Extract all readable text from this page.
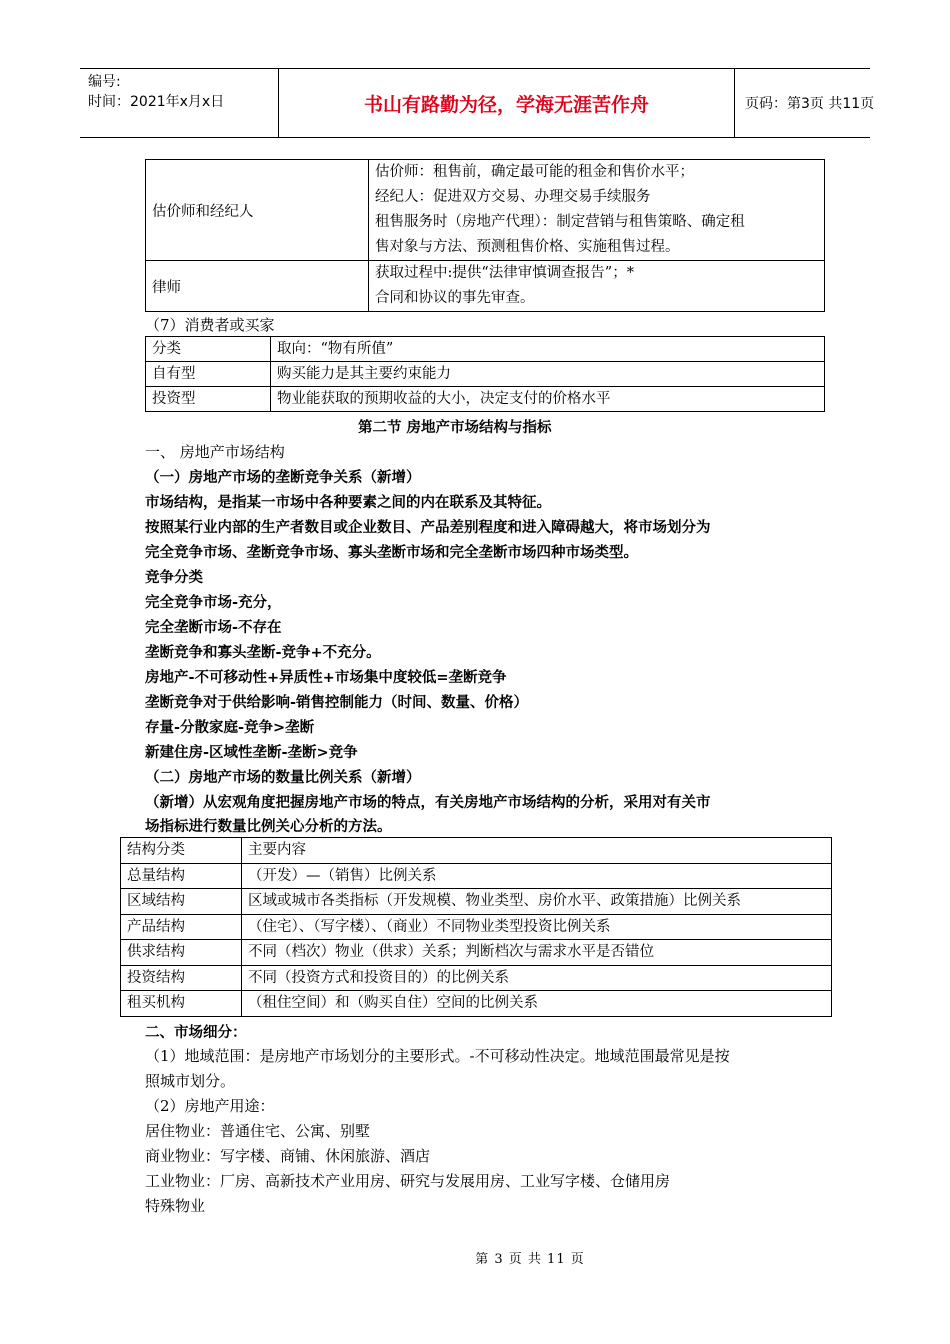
编号:
时间：2021年x月x日	书山有路勤为径，学海无涯苦作舟	页码：第3页 共11页
估价师和经纪人	估价师：租售前，确定最可能的租金和售价水平；
经纪人：促进双方交易、办理交易手续服务
租售服务时（房地产代理）：制定营销与租售策略、确定租
售对象与方法、预测租售价格、实施租售过程。

律师	获取过程中:提供“法律审慎调查报告”；*
合同和协议的事先审查。
（7）消费者或买家
分类	取向：“物有所值”
自有型	购买能力是其主要约束能力
投资型	物业能获取的预期收益的大小，决定支付的价格水平
第二节 房地产市场结构与指标
一、 房地产市场结构
（一）房地产市场的垄断竞争关系（新增）
市场结构，是指某一市场中各种要素之间的内在联系及其特征。
按照某行业内部的生产者数目或企业数目、产品差别程度和进入障碍越大，将市场划分为
完全竞争市场、垄断竞争市场、寡头垄断市场和完全垄断市场四种市场类型。
竞争分类
完全竞争市场-充分，
完全垄断市场-不存在
垄断竞争和寡头垄断-竞争+不充分。
房地产-不可移动性+异质性+市场集中度较低=垄断竞争
垄断竞争对于供给影响-销售控制能力（时间、数量、价格）
存量-分散家庭-竞争>垄断
新建住房-区域性垄断-垄断>竞争
（二）房地产市场的数量比例关系（新增）
（新增）从宏观角度把握房地产市场的特点，有关房地产市场结构的分析，采用对有关市
场指标进行数量比例关心分析的方法。
结构分类	主要内容
总量结构	（开发）—（销售）比例关系
区域结构	区域或城市各类指标（开发规模、物业类型、房价水平、政策措施）比例关系
产品结构	（住宅）、（写字楼）、（商业）不同物业类型投资比例关系
供求结构	不同（档次）物业（供求）关系；判断档次与需求水平是否错位
投资结构	不同（投资方式和投资目的）的比例关系
租买机构	（租住空间）和（购买自住）空间的比例关系
二、市场细分：
（1）地域范围：是房地产市场划分的主要形式。-不可移动性决定。地域范围最常见是按
照城市划分。
（2）房地产用途：
居住物业：普通住宅、公寓、别墅
商业物业：写字楼、商铺、休闲旅游、酒店
工业物业：厂房、高新技术产业用房、研究与发展用房、工业写字楼、仓储用房
特殊物业
第 3 页 共 11 页
